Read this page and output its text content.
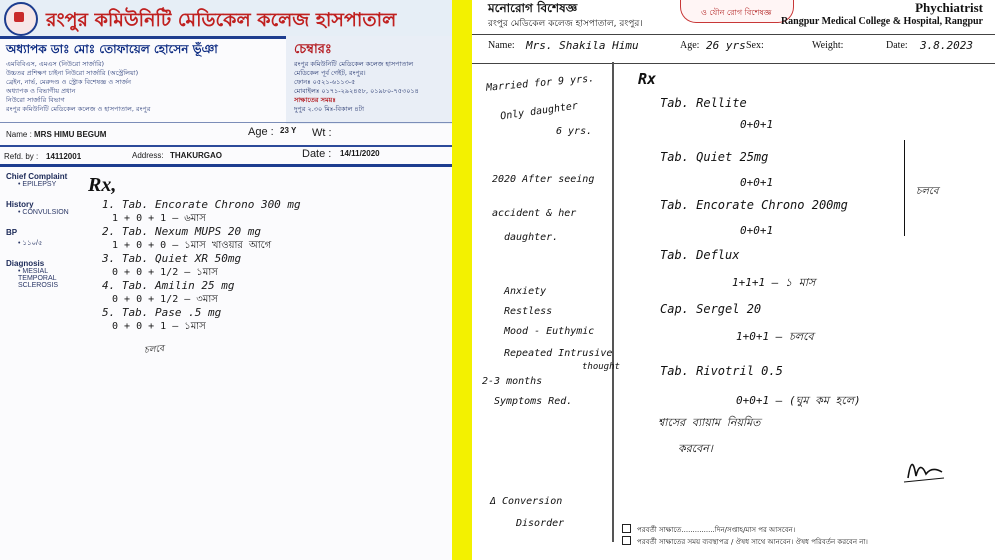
রংপুর কমিউনিটি মেডিকেল কলেজ হাসপাতাল
অধ্যাপক ডাঃ মোঃ তোফায়েল হোসেন ভূঁঞা
এমবিবিএস, এমএস (নিউরো সার্জারি)
উচ্চতর প্রশিক্ষণ চাইনা নিউরো সার্জারি (অস্ট্রেলিয়া)
ব্রেইন, নার্ভ, মেরুদণ্ড ও স্ট্রোক বিশেষজ্ঞ ও সার্জন
অধ্যাপক ও বিভাগীয় প্রধান
নিউরো সার্জারি বিভাগ
রংপুর কমিউনিটি মেডিকেল কলেজ ও হাসপাতাল, রংপুর
চেম্বারঃ
রংপুর কমিউনিটি মেডিকেল কলেজ হাসপাতাল
মেডিকেল পূর্ব গেইট, রংপুর।
ফোনঃ ০৫২১-৬১১৩-৫
মোবাইলঃ ০১৭১-২৯২৪৫৮, ০১৯৮০-৭৫৩০১৪
সাক্ষাতের সময়ঃ
দুপুর ২.৩০ মিঃ-বিকাল ৪টা
Name : MRS HIMU BEGUM	Age : 23 Y Wt :
Refd. by : 14112001	Address: THAKURGAO	Date : 14/11/2020
Chief Complaint
• EPILEPSY
History
• CONVULSION
BP
• ১১০/৫
Diagnosis
• MESIAL
TEMPORAL
SCLEROSIS
Rx,
1. Tab. Encorate Chrono 300 mg
1 + 0 + 1 – ৬মাস
2. Tab. Nexum MUPS 20 mg
1 + 0 + 0 – ১মাস খাওয়ার আগে
3. Tab. Quiet XR 50mg
0 + 0 + 1/2 – ১মাস
4. Tab. Amilin 25 mg
0 + 0 + 1/2 – ৩মাস
5. Tab. Pase .5 mg
0 + 0 + 1 – ১মাস
চলবে
মনোরোগ বিশেষজ্ঞ
রংপুর মেডিকেল কলেজ হাসপাতাল, রংপুর।
ও যৌন রোগ বিশেষজ্ঞ	Phychiatrist
Rangpur Medical College & Hospital, Rangpur
Name: Mrs. Shakila Himu	Age: 26 yrs Sex:	Weight:	Date: 3.8.2023
Married for 9 yrs.
Only daughter
6 yrs.
2020 After seeing
accident & her
daughter.
Anxiety
Restless
Mood - Euthymic
Repeated Intrusive
thought
2-3 months
Symptoms Red.
Δ Conversion
Disorder
Rx
Tab. Rellite
0+0+1
Tab. Quiet 25mg
0+0+1
Tab. Encorate Chrono 200mg
0+0+1
Tab. Deflux
1+1+1 — ১ মাস
Cap. Sergel 20
1+0+1 — চলবে
Tab. Rivotril 0.5
0+0+1 — (ঘুম কম হলে)
চলবে
শ্বাসের ব্যায়াম নিয়মিত
করবেন।
পরবর্তী সাক্ষাতে...............দিন/সপ্তাহ/মাস পর আসবেন।
পরবর্তী সাক্ষাতের সময় ব্যবস্থাপত্র / ঔষধ সাথে আনবেন। ঔষধ পরিবর্তন করবেন না।
